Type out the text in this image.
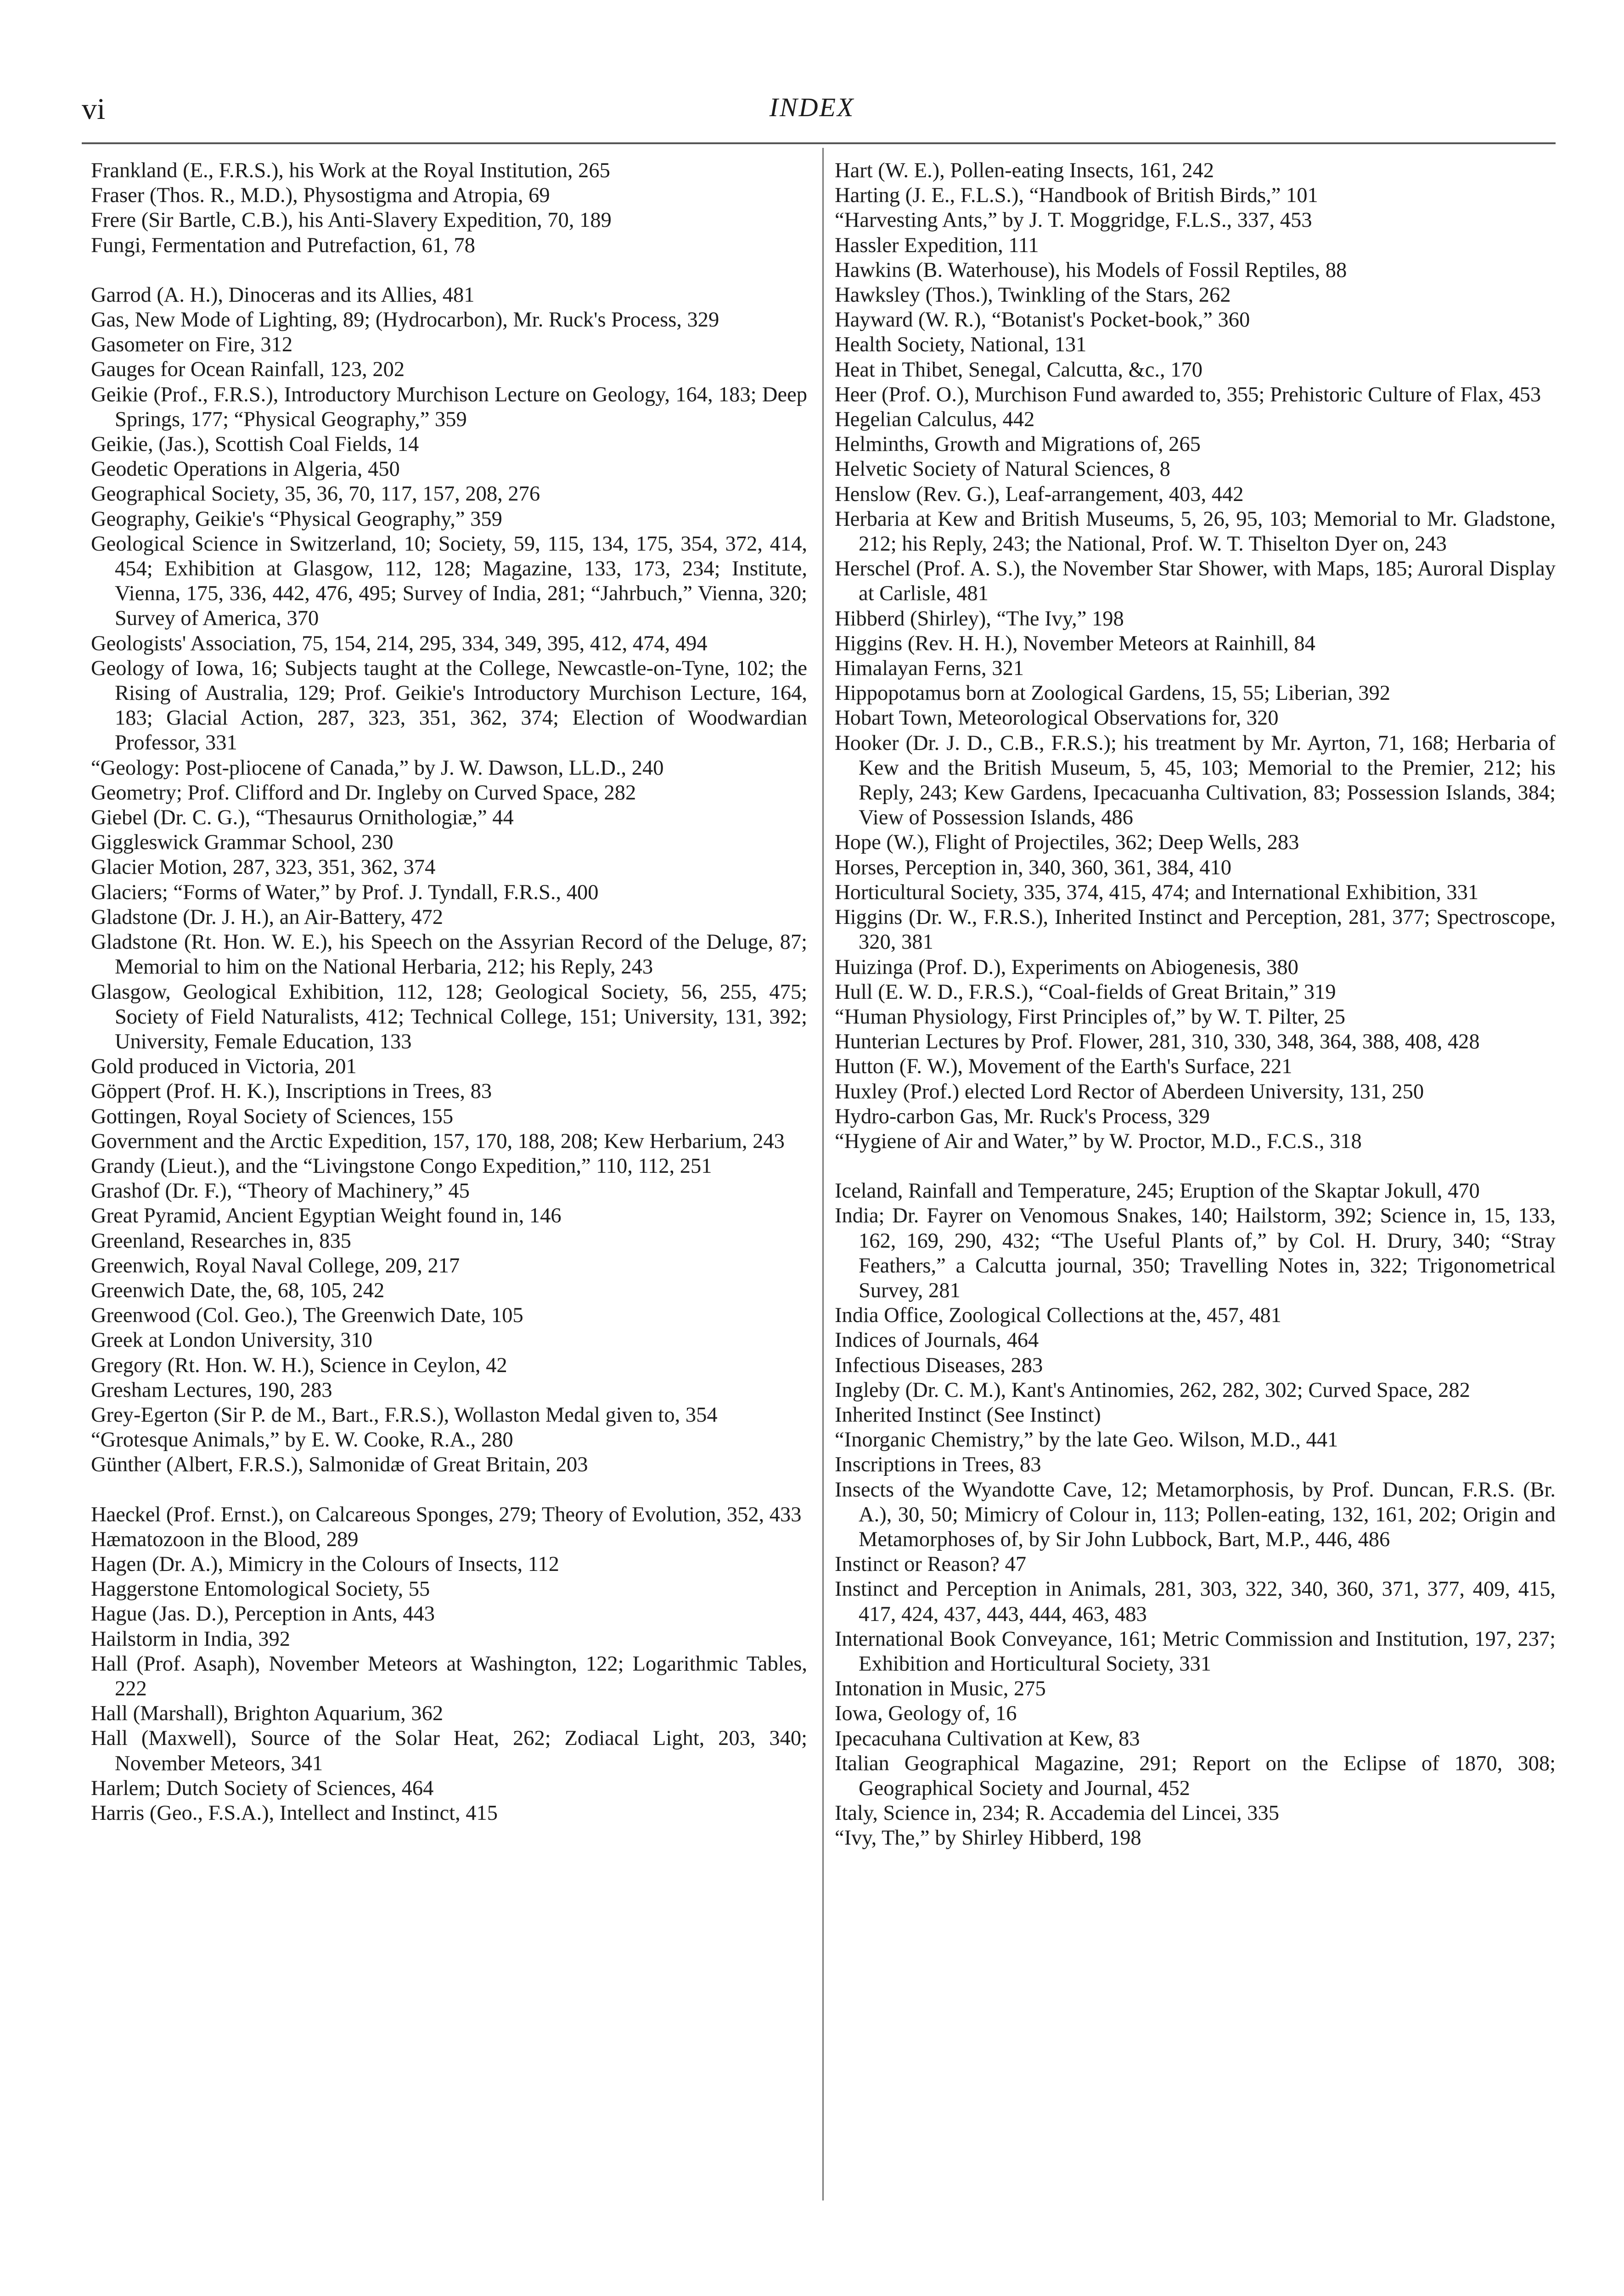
vi	INDEX

Frankland (E., F.R.S.), his Work at the Royal Institution, 265

Fraser (Thos. R., M.D.), Physostigma and Atropia, 69

Frere (Sir Bartle, C.B.), his Anti-Slavery Expedition, 70, 189

Fungi, Fermentation and Putrefaction, 61, 78

Garrod (A. H.), Dinoceras and its Allies, 481

Gas, New Mode of Lighting, 89; (Hydrocarbon), Mr. Ruck's Process, 329

Gasometer on Fire, 312

Gauges for Ocean Rainfall, 123, 202

Geikie (Prof., F.R.S.), Introductory Murchison Lecture on Geology, 164, 183; Deep Springs, 177; “Physical Geography,” 359

Geikie, (Jas.), Scottish Coal Fields, 14

Geodetic Operations in Algeria, 450

Geographical Society, 35, 36, 70, 117, 157, 208, 276

Geography, Geikie's “Physical Geography,” 359

Geological Science in Switzerland, 10; Society, 59, 115, 134, 175, 354, 372, 414, 454; Exhibition at Glasgow, 112, 128; Magazine, 133, 173, 234; Institute, Vienna, 175, 336, 442, 476, 495; Survey of India, 281; “Jahrbuch,” Vienna, 320; Survey of America, 370

Geologists' Association, 75, 154, 214, 295, 334, 349, 395, 412, 474, 494

Geology of Iowa, 16; Subjects taught at the College, Newcastle-on-Tyne, 102; the Rising of Australia, 129; Prof. Geikie's Introductory Murchison Lecture, 164, 183; Glacial Action, 287, 323, 351, 362, 374; Election of Woodwardian Professor, 331

“Geology: Post-pliocene of Canada,” by J. W. Dawson, LL.D., 240

Geometry; Prof. Clifford and Dr. Ingleby on Curved Space, 282

Giebel (Dr. C. G.), “Thesaurus Ornithologiæ,” 44

Giggleswick Grammar School, 230

Glacier Motion, 287, 323, 351, 362, 374

Glaciers; “Forms of Water,” by Prof. J. Tyndall, F.R.S., 400

Gladstone (Dr. J. H.), an Air-Battery, 472

Gladstone (Rt. Hon. W. E.), his Speech on the Assyrian Record of the Deluge, 87; Memorial to him on the National Herbaria, 212; his Reply, 243

Glasgow, Geological Exhibition, 112, 128; Geological Society, 56, 255, 475; Society of Field Naturalists, 412; Technical College, 151; University, 131, 392; University, Female Education, 133

Gold produced in Victoria, 201

Göppert (Prof. H. K.), Inscriptions in Trees, 83

Gottingen, Royal Society of Sciences, 155

Government and the Arctic Expedition, 157, 170, 188, 208; Kew Herbarium, 243

Grandy (Lieut.), and the “Livingstone Congo Expedition,” 110, 112, 251

Grashof (Dr. F.), “Theory of Machinery,” 45

Great Pyramid, Ancient Egyptian Weight found in, 146

Greenland, Researches in, 835

Greenwich, Royal Naval College, 209, 217

Greenwich Date, the, 68, 105, 242

Greenwood (Col. Geo.), The Greenwich Date, 105

Greek at London University, 310

Gregory (Rt. Hon. W. H.), Science in Ceylon, 42

Gresham Lectures, 190, 283

Grey-Egerton (Sir P. de M., Bart., F.R.S.), Wollaston Medal given to, 354

“Grotesque Animals,” by E. W. Cooke, R.A., 280

Günther (Albert, F.R.S.), Salmonidæ of Great Britain, 203

Haeckel (Prof. Ernst.), on Calcareous Sponges, 279; Theory of Evolution, 352, 433

Hæmatozoon in the Blood, 289

Hagen (Dr. A.), Mimicry in the Colours of Insects, 112

Haggerstone Entomological Society, 55

Hague (Jas. D.), Perception in Ants, 443

Hailstorm in India, 392

Hall (Prof. Asaph), November Meteors at Washington, 122; Logarithmic Tables, 222

Hall (Marshall), Brighton Aquarium, 362

Hall (Maxwell), Source of the Solar Heat, 262; Zodiacal Light, 203, 340; November Meteors, 341

Harlem; Dutch Society of Sciences, 464

Harris (Geo., F.S.A.), Intellect and Instinct, 415

Hart (W. E.), Pollen-eating Insects, 161, 242

Harting (J. E., F.L.S.), “Handbook of British Birds,” 101

“Harvesting Ants,” by J. T. Moggridge, F.L.S., 337, 453

Hassler Expedition, 111

Hawkins (B. Waterhouse), his Models of Fossil Reptiles, 88

Hawksley (Thos.), Twinkling of the Stars, 262

Hayward (W. R.), “Botanist's Pocket-book,” 360

Health Society, National, 131

Heat in Thibet, Senegal, Calcutta, &c., 170

Heer (Prof. O.), Murchison Fund awarded to, 355; Prehistoric Culture of Flax, 453

Hegelian Calculus, 442

Helminths, Growth and Migrations of, 265

Helvetic Society of Natural Sciences, 8

Henslow (Rev. G.), Leaf-arrangement, 403, 442

Herbaria at Kew and British Museums, 5, 26, 95, 103; Memorial to Mr. Gladstone, 212; his Reply, 243; the National, Prof. W. T. Thiselton Dyer on, 243

Herschel (Prof. A. S.), the November Star Shower, with Maps, 185; Auroral Display at Carlisle, 481

Hibberd (Shirley), “The Ivy,” 198

Higgins (Rev. H. H.), November Meteors at Rainhill, 84

Himalayan Ferns, 321

Hippopotamus born at Zoological Gardens, 15, 55; Liberian, 392

Hobart Town, Meteorological Observations for, 320

Hooker (Dr. J. D., C.B., F.R.S.); his treatment by Mr. Ayrton, 71, 168; Herbaria of Kew and the British Museum, 5, 45, 103; Memorial to the Premier, 212; his Reply, 243; Kew Gardens, Ipecacuanha Cultivation, 83; Possession Islands, 384; View of Possession Islands, 486

Hope (W.), Flight of Projectiles, 362; Deep Wells, 283

Horses, Perception in, 340, 360, 361, 384, 410

Horticultural Society, 335, 374, 415, 474; and International Exhibition, 331

Higgins (Dr. W., F.R.S.), Inherited Instinct and Perception, 281, 377; Spectroscope, 320, 381

Huizinga (Prof. D.), Experiments on Abiogenesis, 380

Hull (E. W. D., F.R.S.), “Coal-fields of Great Britain,” 319

“Human Physiology, First Principles of,” by W. T. Pilter, 25

Hunterian Lectures by Prof. Flower, 281, 310, 330, 348, 364, 388, 408, 428

Hutton (F. W.), Movement of the Earth's Surface, 221

Huxley (Prof.) elected Lord Rector of Aberdeen University, 131, 250

Hydro-carbon Gas, Mr. Ruck's Process, 329

“Hygiene of Air and Water,” by W. Proctor, M.D., F.C.S., 318

Iceland, Rainfall and Temperature, 245; Eruption of the Skaptar Jokull, 470

India; Dr. Fayrer on Venomous Snakes, 140; Hailstorm, 392; Science in, 15, 133, 162, 169, 290, 432; “The Useful Plants of,” by Col. H. Drury, 340; “Stray Feathers,” a Calcutta journal, 350; Travelling Notes in, 322; Trigonometrical Survey, 281

India Office, Zoological Collections at the, 457, 481

Indices of Journals, 464

Infectious Diseases, 283

Ingleby (Dr. C. M.), Kant's Antinomies, 262, 282, 302; Curved Space, 282

Inherited Instinct (See Instinct)

“Inorganic Chemistry,” by the late Geo. Wilson, M.D., 441

Inscriptions in Trees, 83

Insects of the Wyandotte Cave, 12; Metamorphosis, by Prof. Duncan, F.R.S. (Br. A.), 30, 50; Mimicry of Colour in, 113; Pollen-eating, 132, 161, 202; Origin and Metamorphoses of, by Sir John Lubbock, Bart, M.P., 446, 486

Instinct or Reason? 47

Instinct and Perception in Animals, 281, 303, 322, 340, 360, 371, 377, 409, 415, 417, 424, 437, 443, 444, 463, 483

International Book Conveyance, 161; Metric Commission and Institution, 197, 237; Exhibition and Horticultural Society, 331

Intonation in Music, 275

Iowa, Geology of, 16

Ipecacuhana Cultivation at Kew, 83

Italian Geographical Magazine, 291; Report on the Eclipse of 1870, 308; Geographical Society and Journal, 452

Italy, Science in, 234; R. Accademia del Lincei, 335

“Ivy, The,” by Shirley Hibberd, 198
